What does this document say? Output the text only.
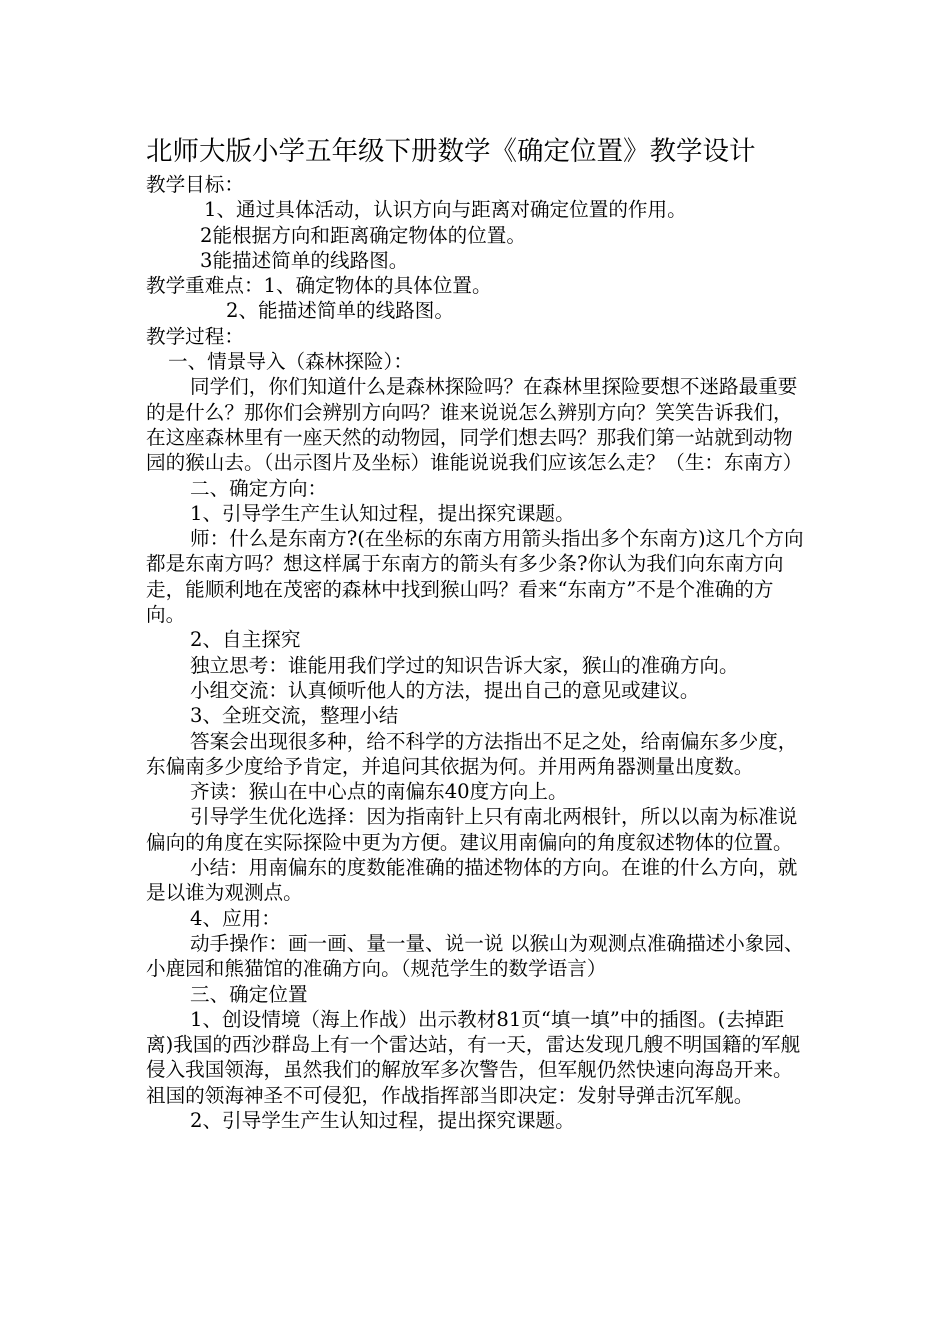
北师大版小学五年级下册数学《确定位置》教学设计

教学目标：

1、通过具体活动，认识方向与距离对确定位置的作用。

2能根据方向和距离确定物体的位置。

3能描述简单的线路图。

教学重难点：1、确定物体的具体位置。

2、能描述简单的线路图。

教学过程：

一、情景导入（森林探险）：

同学们，你们知道什么是森林探险吗？在森林里探险要想不迷路最重要的是什么？那你们会辨别方向吗？谁来说说怎么辨别方向？笑笑告诉我们，在这座森林里有一座天然的动物园，同学们想去吗？那我们第一站就到动物园的猴山去。（出示图片及坐标）谁能说说我们应该怎么走？（生：东南方）

二、确定方向：

1、引导学生产生认知过程，提出探究课题。

师：什么是东南方?(在坐标的东南方用箭头指出多个东南方)这几个方向都是东南方吗？想这样属于东南方的箭头有多少条?你认为我们向东南方向走，能顺利地在茂密的森林中找到猴山吗？看来“东南方”不是个准确的方向。

2、自主探究

独立思考：谁能用我们学过的知识告诉大家，猴山的准确方向。

小组交流：认真倾听他人的方法，提出自己的意见或建议。

3、全班交流，整理小结

答案会出现很多种，给不科学的方法指出不足之处，给南偏东多少度，东偏南多少度给予肯定，并追问其依据为何。并用两角器测量出度数。

齐读：猴山在中心点的南偏东40度方向上。

引导学生优化选择：因为指南针上只有南北两根针，所以以南为标准说偏向的角度在实际探险中更为方便。建议用南偏向的角度叙述物体的位置。

小结：用南偏东的度数能准确的描述物体的方向。在谁的什么方向，就是以谁为观测点。

4、应用：

动手操作：画一画、量一量、说一说 以猴山为观测点准确描述小象园、小鹿园和熊猫馆的准确方向。（规范学生的数学语言）

三、确定位置

1、创设情境（海上作战）出示教材81页“填一填”中的插图。(去掉距离)我国的西沙群岛上有一个雷达站，有一天，雷达发现几艘不明国籍的军舰侵入我国领海，虽然我们的解放军多次警告，但军舰仍然快速向海岛开来。祖国的领海神圣不可侵犯，作战指挥部当即决定：发射导弹击沉军舰。

2、引导学生产生认知过程，提出探究课题。
